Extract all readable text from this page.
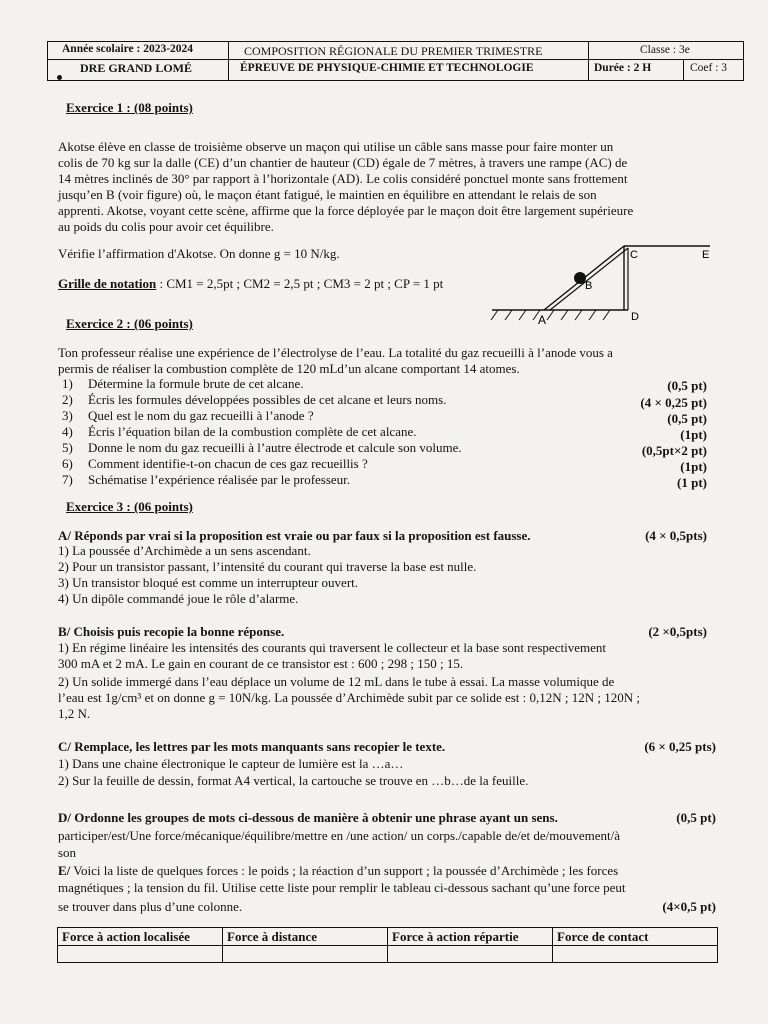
Année scolaire : 2023-2024
DRE GRAND LOMÉ
COMPOSITION RÉGIONALE DU PREMIER TRIMESTRE
ÉPREUVE DE PHYSIQUE-CHIMIE ET TECHNOLOGIE
Classe : 3e
Durée : 2 H	Coef : 3
Exercice 1 : (08 points)
Akotse élève en classe de troisième observe un maçon qui utilise un câble sans masse pour faire monter un
colis de 70 kg sur la dalle (CE) d’un chantier de hauteur (CD) égale de 7 mètres, à travers une rampe (AC) de
14 mètres inclinés de 30° par rapport à l’horizontale (AD). Le colis considéré ponctuel monte sans frottement
jusqu’en B (voir figure) où, le maçon étant fatigué, le maintien en équilibre en attendant le relais de son
apprenti. Akotse, voyant cette scène, affirme que la force déployée par le maçon doit être largement supérieure
au poids du colis pour avoir cet équilibre.
Vérifie l’affirmation d'Akotse. On donne g = 10 N/kg.
Grille de notation : CM1 = 2,5pt ; CM2 = 2,5 pt ; CM3 = 2 pt ; CP = 1 pt
A
B
C
D
E
Exercice 2 : (06 points)
Ton professeur réalise une expérience de l’électrolyse de l’eau. La totalité du gaz recueilli à l’anode vous a
permis de réaliser la combustion complète de 120 mLd’un alcane comportant 14 atomes.
1) Détermine la formule brute de cet alcane.	(0,5 pt)
2) Écris les formules développées possibles de cet alcane et leurs noms.	(4 × 0,25 pt)
3) Quel est le nom du gaz recueilli à l’anode ?	(0,5 pt)
4) Écris l’équation bilan de la combustion complète de cet alcane.	(1pt)
5) Donne le nom du gaz recueilli à l’autre électrode et calcule son volume.	(0,5pt×2 pt)
6) Comment identifie-t-on chacun de ces gaz recueillis ?	(1pt)
7) Schématise l’expérience réalisée par le professeur.	(1 pt)
Exercice 3 : (06 points)
A/ Réponds par vrai si la proposition est vraie ou par faux si la proposition est fausse.	(4 × 0,5pts)
1) La poussée d’Archimède a un sens ascendant.
2) Pour un transistor passant, l’intensité du courant qui traverse la base est nulle.
3) Un transistor bloqué est comme un interrupteur ouvert.
4) Un dipôle commandé joue le rôle d’alarme.
B/ Choisis puis recopie la bonne réponse.	(2 ×0,5pts)
1) En régime linéaire les intensités des courants qui traversent le collecteur et la base sont respectivement
300 mA et 2 mA. Le gain en courant de ce transistor est : 600 ; 298 ; 150 ; 15.
2) Un solide immergé dans l’eau déplace un volume de 12 mL dans le tube à essai. La masse volumique de
l’eau est 1g/cm³ et on donne g = 10N/kg. La poussée d’Archimède subit par ce solide est : 0,12N ; 12N ; 120N ;
1,2 N.
C/ Remplace, les lettres par les mots manquants sans recopier le texte.	(6 × 0,25 pts)
1) Dans une chaine électronique le capteur de lumière est la …a…
2) Sur la feuille de dessin, format A4 vertical, la cartouche se trouve en …b…de la feuille.
D/ Ordonne les groupes de mots ci-dessous de manière à obtenir une phrase ayant un sens.	(0,5 pt)
participer/est/Une force/mécanique/équilibre/mettre en /une action/ un corps./capable de/et de/mouvement/à
son
E/ Voici la liste de quelques forces : le poids ; la réaction d’un support ; la poussée d’Archimède ; les forces
magnétiques ; la tension du fil. Utilise cette liste pour remplir le tableau ci-dessous sachant qu’une force peut
se trouver dans plus d’une colonne.	(4×0,5 pt)
Force à action localisée	Force à distance	Force à action répartie	Force de contact
